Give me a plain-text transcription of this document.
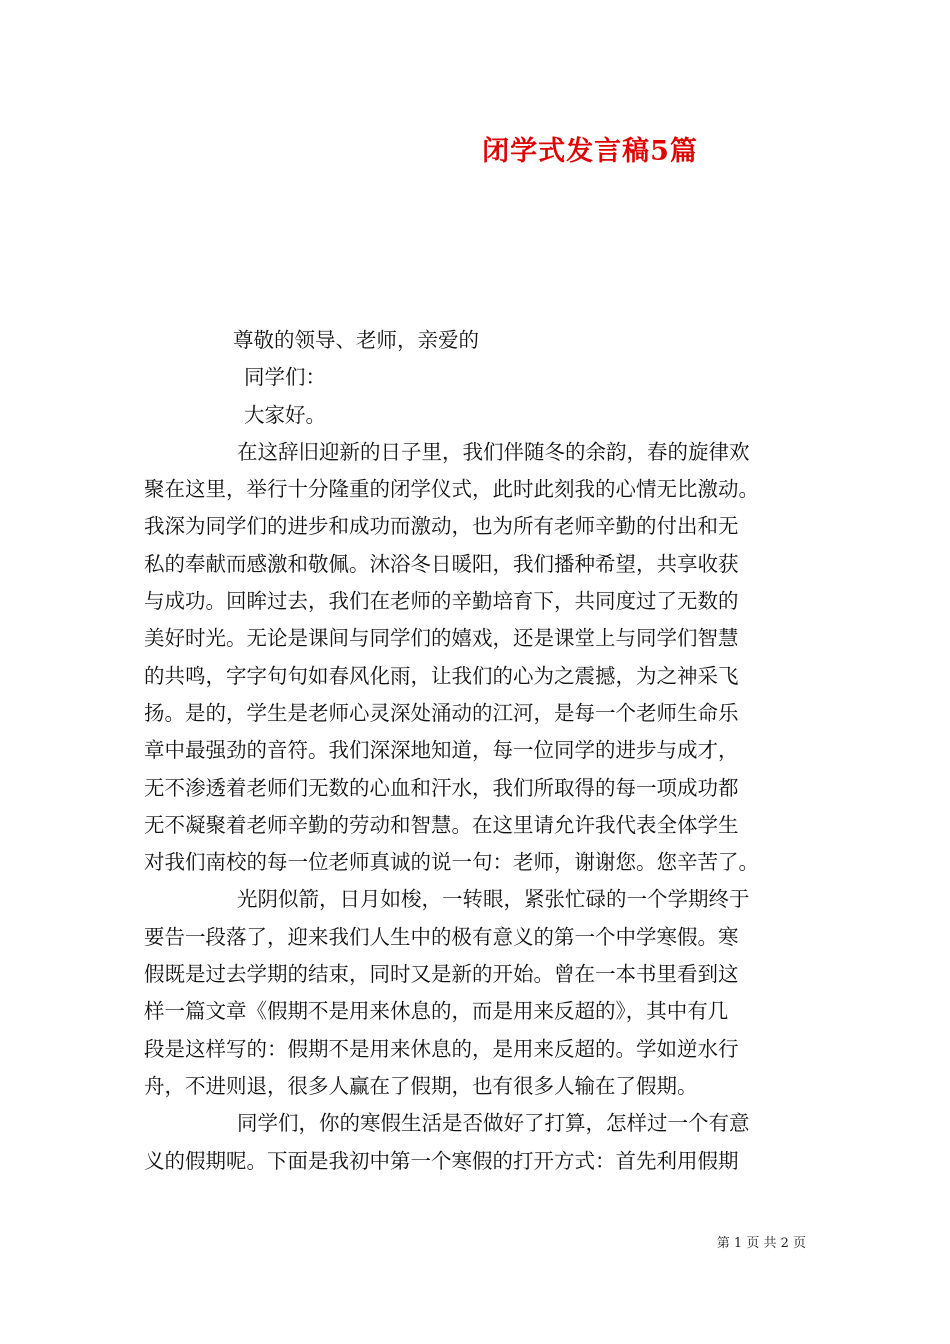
闭学式发言稿5篇
尊敬的领导、老师，亲爱的
同学们：
大家好。
在这辞旧迎新的日子里，我们伴随冬的余韵，春的旋律欢
聚在这里，举行十分隆重的闭学仪式，此时此刻我的心情无比激动。
我深为同学们的进步和成功而激动，也为所有老师辛勤的付出和无
私的奉献而感激和敬佩。沐浴冬日暖阳，我们播种希望，共享收获
与成功。回眸过去，我们在老师的辛勤培育下，共同度过了无数的
美好时光。无论是课间与同学们的嬉戏，还是课堂上与同学们智慧
的共鸣，字字句句如春风化雨，让我们的心为之震撼，为之神采飞
扬。是的，学生是老师心灵深处涌动的江河，是每一个老师生命乐
章中最强劲的音符。我们深深地知道，每一位同学的进步与成才，
无不渗透着老师们无数的心血和汗水，我们所取得的每一项成功都
无不凝聚着老师辛勤的劳动和智慧。在这里请允许我代表全体学生
对我们南校的每一位老师真诚的说一句：老师，谢谢您。您辛苦了。
光阴似箭，日月如梭，一转眼，紧张忙碌的一个学期终于
要告一段落了，迎来我们人生中的极有意义的第一个中学寒假。寒
假既是过去学期的结束，同时又是新的开始。曾在一本书里看到这
样一篇文章《假期不是用来休息的，而是用来反超的》，其中有几
段是这样写的：假期不是用来休息的，是用来反超的。学如逆水行
舟，不进则退，很多人赢在了假期，也有很多人输在了假期。
同学们，你的寒假生活是否做好了打算，怎样过一个有意
义的假期呢。下面是我初中第一个寒假的打开方式：首先利用假期
第 1 页 共 2 页
